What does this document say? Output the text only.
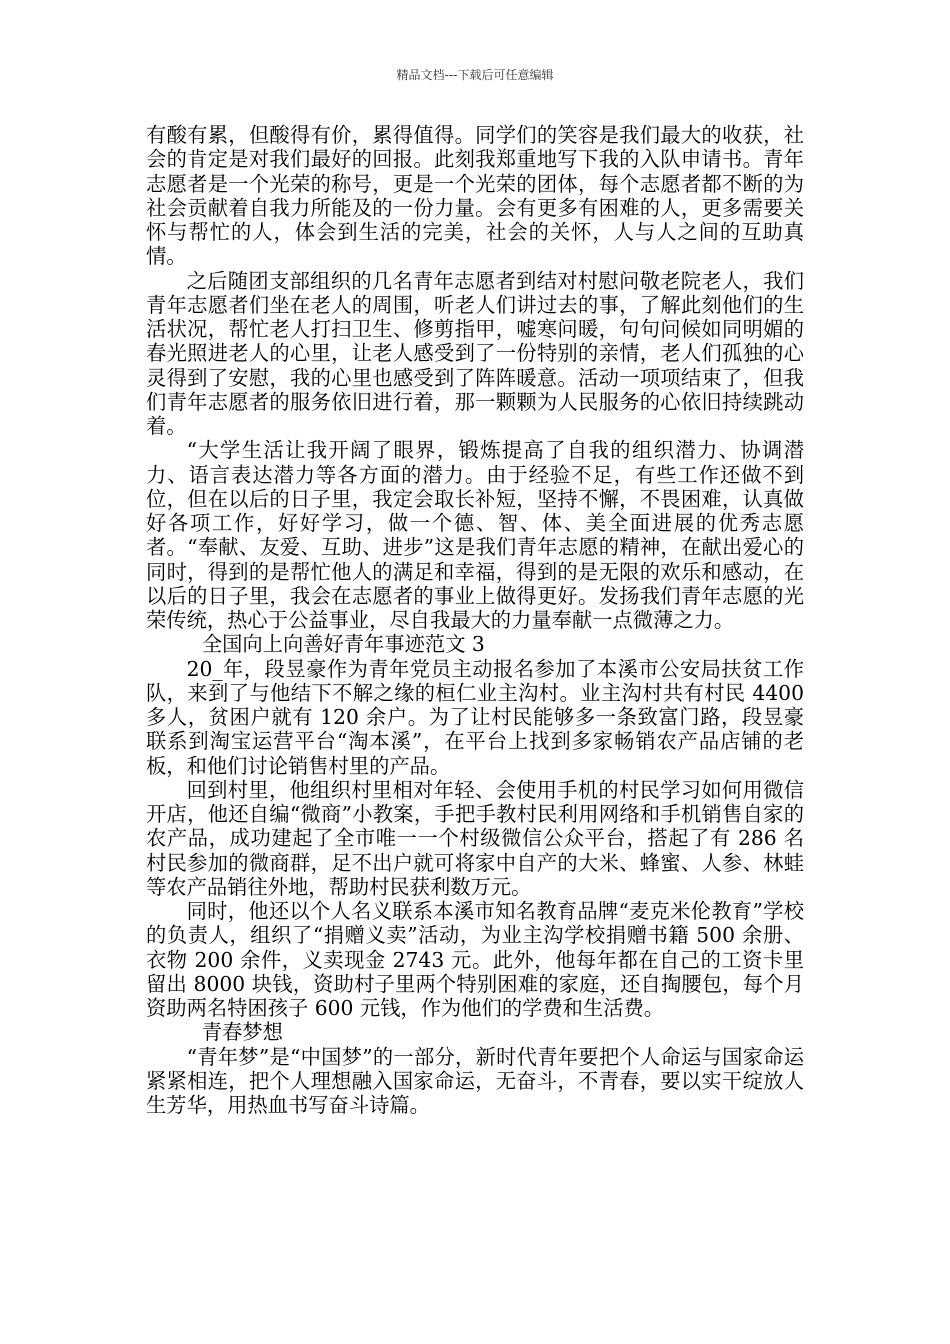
精品文档---下载后可任意编辑

有酸有累，但酸得有价，累得值得。同学们的笑容是我们最大的收获，社会的肯定是对我们最好的回报。此刻我郑重地写下我的入队申请书。青年志愿者是一个光荣的称号，更是一个光荣的团体，每个志愿者都不断的为社会贡献着自我力所能及的一份力量。会有更多有困难的人，更多需要关怀与帮忙的人，体会到生活的完美，社会的关怀，人与人之间的互助真情。

之后随团支部组织的几名青年志愿者到结对村慰问敬老院老人，我们青年志愿者们坐在老人的周围，听老人们讲过去的事，了解此刻他们的生活状况，帮忙老人打扫卫生、修剪指甲，嘘寒问暖，句句问候如同明媚的春光照进老人的心里，让老人感受到了一份特别的亲情，老人们孤独的心灵得到了安慰，我的心里也感受到了阵阵暖意。活动一项项结束了，但我们青年志愿者的服务依旧进行着，那一颗颗为人民服务的心依旧持续跳动着。

“大学生活让我开阔了眼界，锻炼提高了自我的组织潜力、协调潜力、语言表达潜力等各方面的潜力。由于经验不足，有些工作还做不到位，但在以后的日子里，我定会取长补短，坚持不懈，不畏困难，认真做好各项工作，好好学习，做一个德、智、体、美全面进展的优秀志愿者。“奉献、友爱、互助、进步”这是我们青年志愿的精神，在献出爱心的同时，得到的是帮忙他人的满足和幸福，得到的是无限的欢乐和感动，在以后的日子里，我会在志愿者的事业上做得更好。发扬我们青年志愿的光荣传统，热心于公益事业，尽自我最大的力量奉献一点微薄之力。

全国向上向善好青年事迹范文 3

20_年，段昱豪作为青年党员主动报名参加了本溪市公安局扶贫工作队，来到了与他结下不解之缘的桓仁业主沟村。业主沟村共有村民 4400 多人，贫困户就有 120 余户。为了让村民能够多一条致富门路，段昱豪联系到淘宝运营平台“淘本溪”，在平台上找到多家畅销农产品店铺的老板，和他们讨论销售村里的产品。

回到村里，他组织村里相对年轻、会使用手机的村民学习如何用微信开店，他还自编“微商”小教案，手把手教村民利用网络和手机销售自家的农产品，成功建起了全市唯一一个村级微信公众平台，搭起了有 286 名村民参加的微商群，足不出户就可将家中自产的大米、蜂蜜、人参、林蛙等农产品销往外地，帮助村民获利数万元。

同时，他还以个人名义联系本溪市知名教育品牌“麦克米伦教育”学校的负责人，组织了“捐赠义卖”活动，为业主沟学校捐赠书籍 500 余册、衣物 200 余件，义卖现金 2743 元。此外，他每年都在自己的工资卡里留出 8000 块钱，资助村子里两个特别困难的家庭，还自掏腰包，每个月资助两名特困孩子 600 元钱，作为他们的学费和生活费。

青春梦想

“青年梦”是“中国梦”的一部分，新时代青年要把个人命运与国家命运紧紧相连，把个人理想融入国家命运，无奋斗，不青春，要以实干绽放人生芳华，用热血书写奋斗诗篇。
